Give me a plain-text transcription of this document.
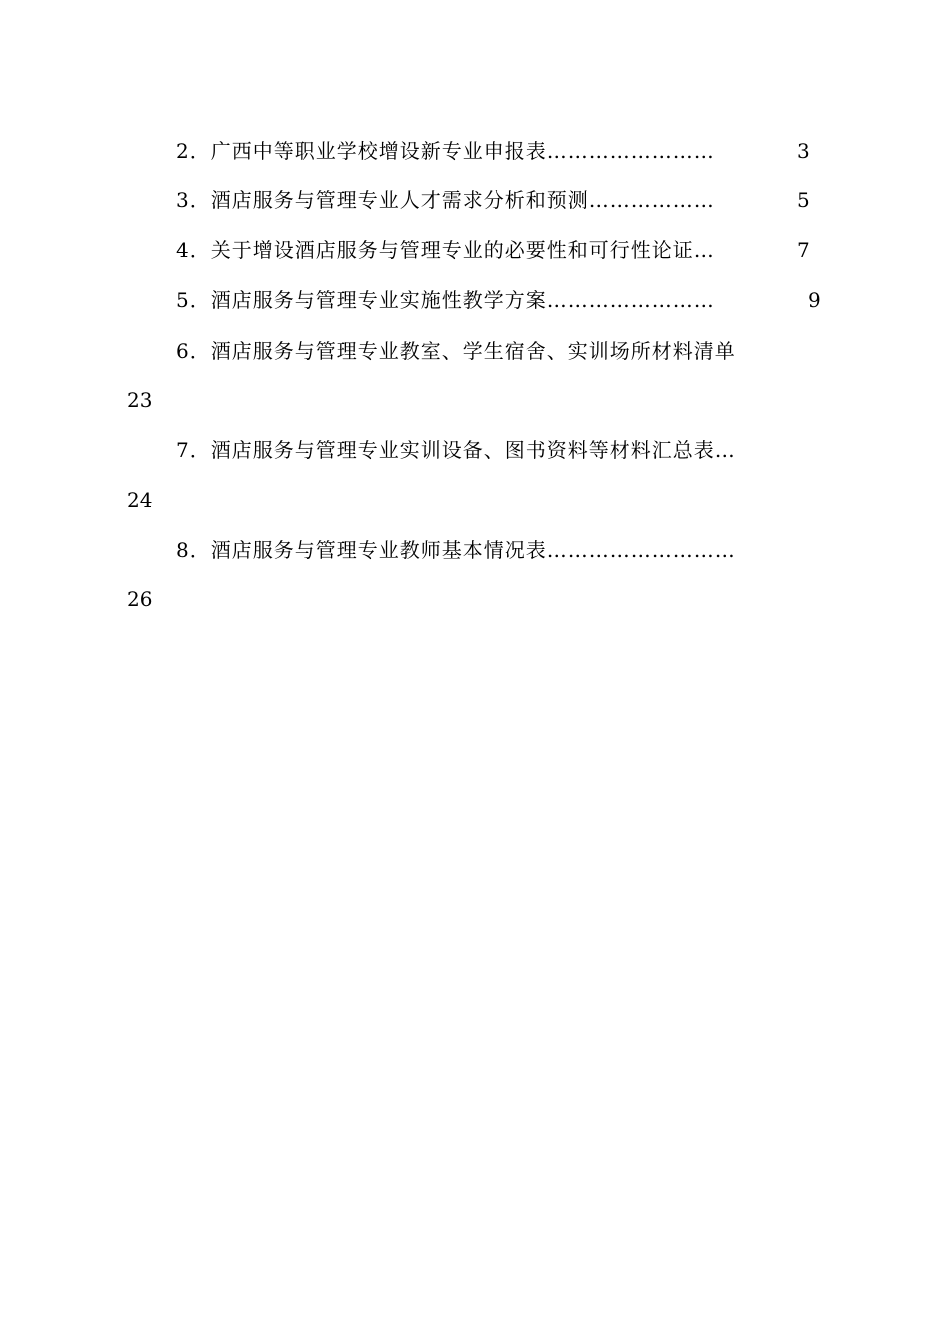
2．广西中等职业学校增设新专业申报表……………………	3
3．酒店服务与管理专业人才需求分析和预测………………	5
4．关于增设酒店服务与管理专业的必要性和可行性论证…	7
5．酒店服务与管理专业实施性教学方案……………………	9
6．酒店服务与管理专业教室、学生宿舍、实训场所材料清单
23
7．酒店服务与管理专业实训设备、图书资料等材料汇总表…
24
8．酒店服务与管理专业教师基本情况表………………………
26
